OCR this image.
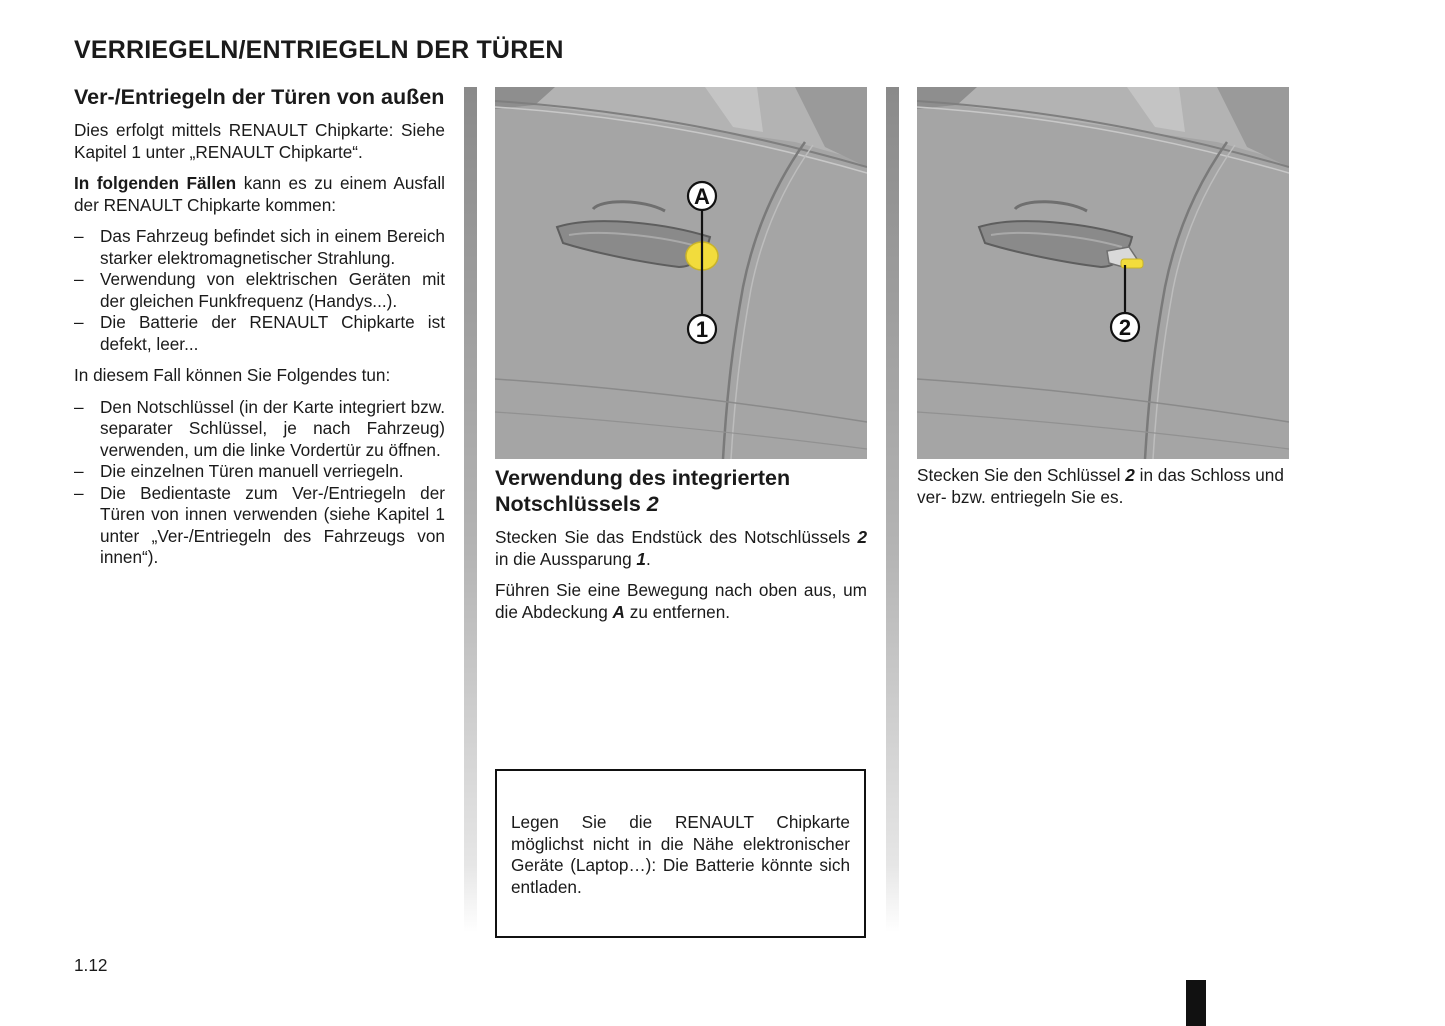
VERRIEGELN/ENTRIEGELN DER TÜREN
Ver-/Entriegeln der Türen von außen

Dies erfolgt mittels RENAULT Chipkarte: Siehe Kapitel 1 unter „RENAULT Chipkarte“.

In folgenden Fällen kann es zu einem Ausfall der RENAULT Chipkarte kommen:

– Das Fahrzeug befindet sich in einem Bereich starker elektromagnetischer Strahlung.
– Verwendung von elektrischen Geräten mit der gleichen Funkfrequenz (Handys...).
– Die Batterie der RENAULT Chipkarte ist defekt, leer...

In diesem Fall können Sie Folgendes tun:

– Den Notschlüssel (in der Karte integriert bzw. separater Schlüssel, je nach Fahrzeug) verwenden, um die linke Vordertür zu öffnen.
– Die einzelnen Türen manuell verriegeln.
– Die Bedientaste zum Ver-/Entriegeln der Türen von innen verwenden (siehe Kapitel 1 unter „Ver-/Entriegeln des Fahrzeugs von innen“).
A
1	2
Verwendung des integrierten Notschlüssels 2

Stecken Sie das Endstück des Notschlüssels 2 in die Aussparung 1.

Führen Sie eine Bewegung nach oben aus, um die Abdeckung A zu entfernen.

Stecken Sie den Schlüssel 2 in das Schloss und ver- bzw. entriegeln Sie es.

Legen Sie die RENAULT Chipkarte möglichst nicht in die Nähe elektronischer Geräte (Laptop…): Die Batterie könnte sich entladen.

1.12
